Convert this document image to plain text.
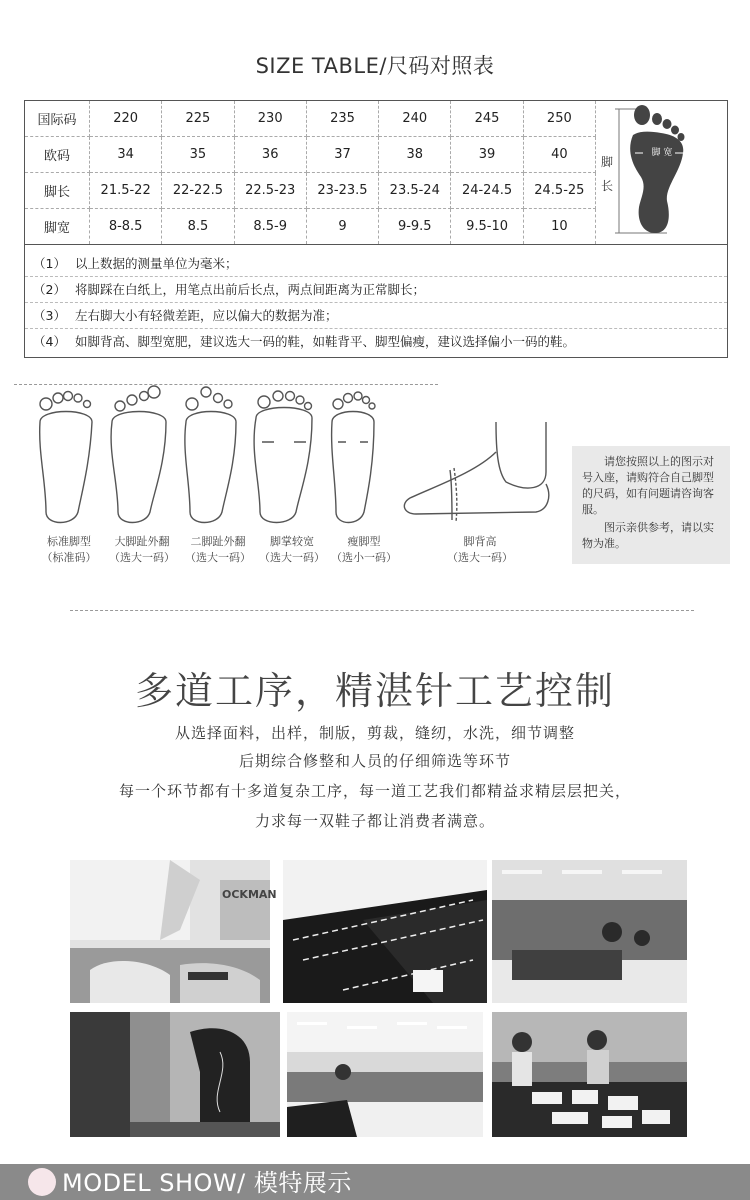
SIZE TABLE/尺码对照表
国际码	220	225	230	235	240	245	250
欧码	34	35	36	37	38	39	40
脚长	21.5-22	22-22.5	22.5-23	23-23.5	23.5-24	24-24.5	24.5-25
脚宽	8-8.5	8.5	8.5-9	9	9-9.5	9.5-10	10
脚 宽
脚
长
（1） 以上数据的测量单位为毫米；
（2） 将脚踩在白纸上，用笔点出前后长点，两点间距离为正常脚长；
（3） 左右脚大小有轻微差距，应以偏大的数据为准；
（4） 如脚背高、脚型宽肥，建议选大一码的鞋，如鞋背平、脚型偏瘦，建议选择偏小一码的鞋。
标准脚型
（标准码）
大脚趾外翻
（选大一码）
二脚趾外翻
（选大一码）
脚掌较宽
（选大一码）
瘦脚型
（选小一码）
脚背高
（选大一码）

请您按照以上的图示对号入座，请购符合自己脚型的尺码，如有问题请咨询客服。

图示亲供参考，请以实物为准。

多道工序，精湛针工艺控制
从选择面料，出样，制版，剪裁，缝纫，水洗，细节调整
后期综合修整和人员的仔细筛选等环节
每一个环节都有十多道复杂工序，每一道工艺我们都精益求精层层把关，
力求每一双鞋子都让消费者满意。
OCKMAN
MODEL SHOW/ 模特展示
